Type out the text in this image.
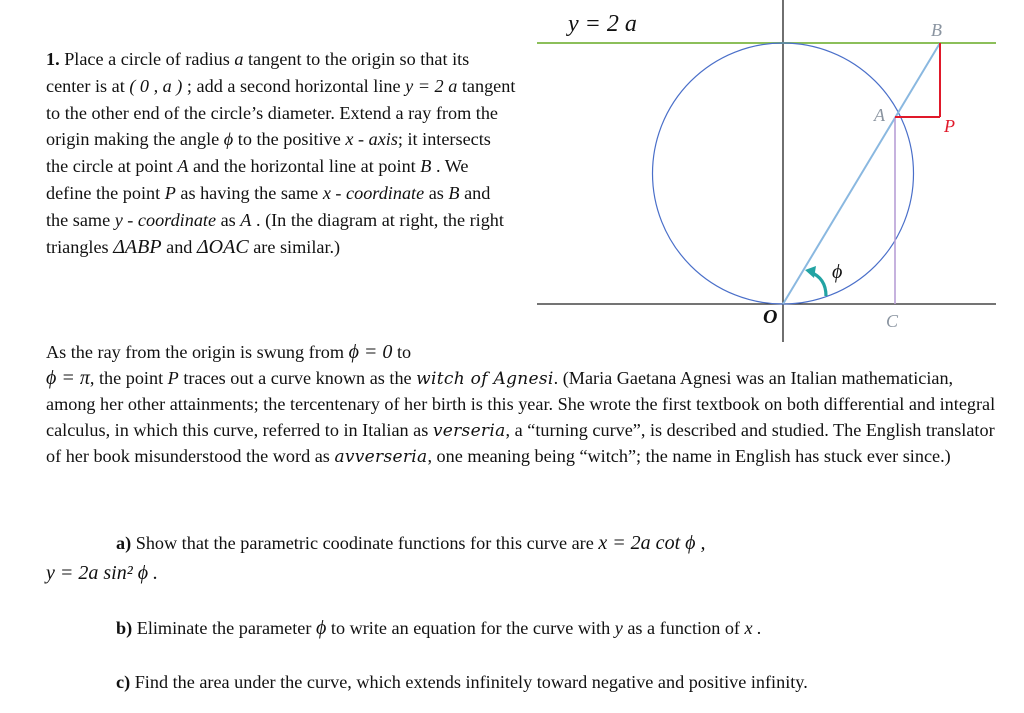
y = 2 a	B
A
P
ϕ
O	C
1. Place a circle of radius a tangent to the origin so that its center is at ( 0 , a ) ; add a second horizontal line y = 2 a tangent to the other end of the circle’s diameter. Extend a ray from the origin making the angle ϕ to the positive x - axis; it intersects the circle at point A and the horizontal line at point B . We define the point P as having the same x - coordinate as B and the same y - coordinate as A . (In the diagram at right, the right triangles ΔABP and ΔOAC are similar.)
As the ray from the origin is swung from ϕ = 0 to
ϕ = π, the point P traces out a curve known as the witch of Agnesi. (Maria Gaetana Agnesi was an Italian mathematician, among her other attainments; the tercentenary of her birth is this year. She wrote the first textbook on both differential and integral calculus, in which this curve, referred to in Italian as verseria, a “turning curve”, is described and studied. The English translator of her book misunderstood the word as avverseria, one meaning being “witch”; the name in English has stuck ever since.)
a) Show that the parametric coodinate functions for this curve are x = 2a cot ϕ ,
y = 2a sin² ϕ .
b) Eliminate the parameter ϕ to write an equation for the curve with y as a function of x .
c) Find the area under the curve, which extends infinitely toward negative and positive infinity.
